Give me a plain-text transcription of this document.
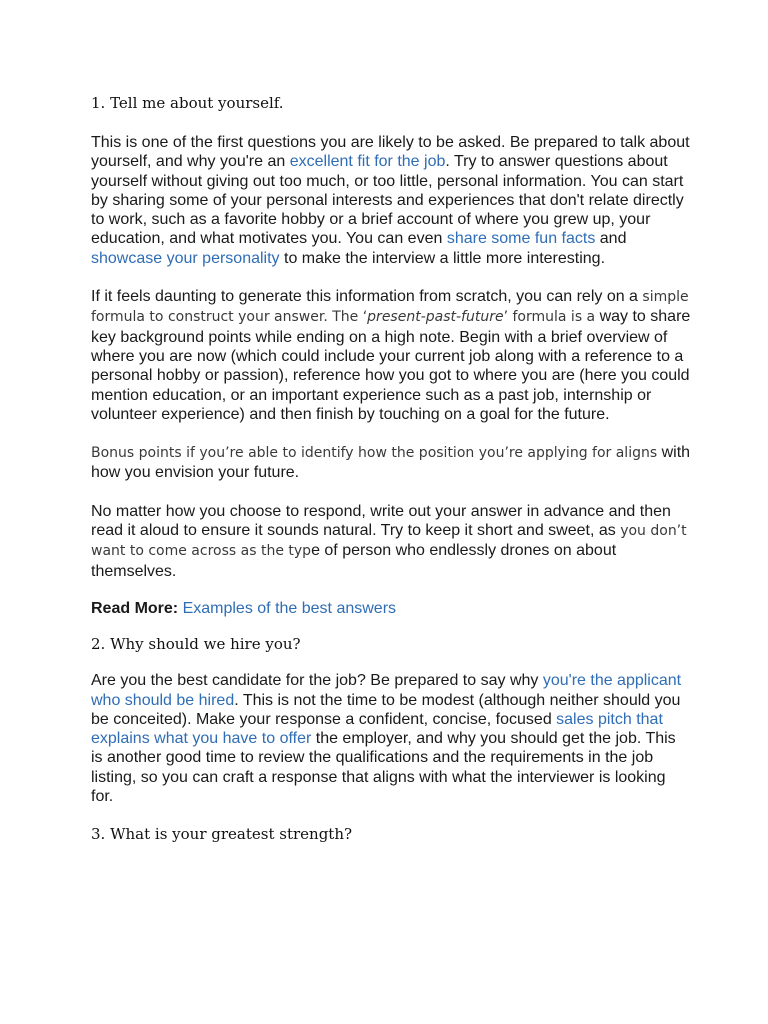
1. Tell me about yourself.

This is one of the first questions you are likely to be asked. Be prepared to talk about yourself, and why you're an excellent fit for the job. Try to answer questions about yourself without giving out too much, or too little, personal information. You can start by sharing some of your personal interests and experiences that don't relate directly to work, such as a favorite hobby or a brief account of where you grew up, your education, and what motivates you. You can even share some fun facts and showcase your personality to make the interview a little more interesting.

If it feels daunting to generate this information from scratch, you can rely on a simple formula to construct your answer. The ‘present-past-future’ formula is a way to share key background points while ending on a high note. Begin with a brief overview of where you are now (which could include your current job along with a reference to a personal hobby or passion), reference how you got to where you are (here you could mention education, or an important experience such as a past job, internship or volunteer experience) and then finish by touching on a goal for the future.

Bonus points if you’re able to identify how the position you’re applying for aligns with how you envision your future.

No matter how you choose to respond, write out your answer in advance and then read it aloud to ensure it sounds natural. Try to keep it short and sweet, as you don’t want to come across as the type of person who endlessly drones on about themselves.

Read More: Examples of the best answers

2. Why should we hire you?

Are you the best candidate for the job? Be prepared to say why you're the applicant who should be hired. This is not the time to be modest (although neither should you be conceited). Make your response a confident, concise, focused sales pitch that explains what you have to offer the employer, and why you should get the job. This is another good time to review the qualifications and the requirements in the job listing, so you can craft a response that aligns with what the interviewer is looking for.

3. What is your greatest strength?
